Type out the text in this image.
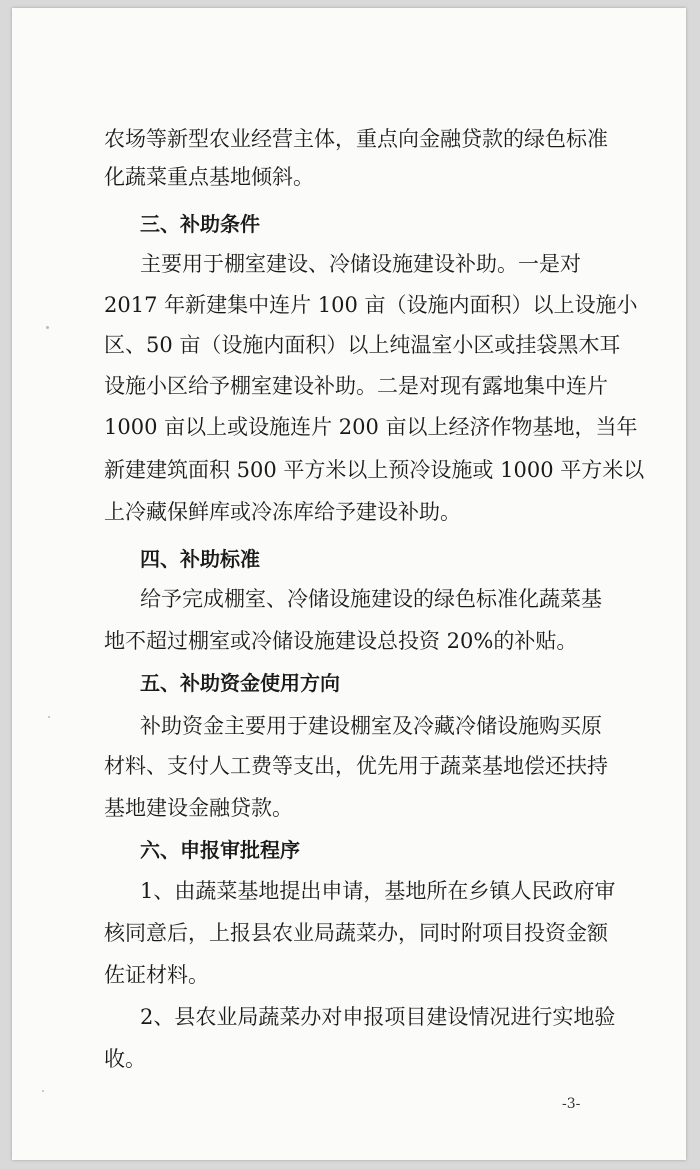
农场等新型农业经营主体，重点向金融贷款的绿色标准
化蔬菜重点基地倾斜。
三、补助条件
主要用于棚室建设、冷储设施建设补助。一是对
2017 年新建集中连片 100 亩（设施内面积）以上设施小
区、50 亩（设施内面积）以上纯温室小区或挂袋黑木耳
设施小区给予棚室建设补助。二是对现有露地集中连片
1000 亩以上或设施连片 200 亩以上经济作物基地，当年
新建建筑面积 500 平方米以上预冷设施或 1000 平方米以
上冷藏保鲜库或冷冻库给予建设补助。
四、补助标准
给予完成棚室、冷储设施建设的绿色标准化蔬菜基
地不超过棚室或冷储设施建设总投资 20%的补贴。
五、补助资金使用方向
补助资金主要用于建设棚室及冷藏冷储设施购买原
材料、支付人工费等支出，优先用于蔬菜基地偿还扶持
基地建设金融贷款。
六、申报审批程序
1、由蔬菜基地提出申请，基地所在乡镇人民政府审
核同意后，上报县农业局蔬菜办，同时附项目投资金额
佐证材料。
2、县农业局蔬菜办对申报项目建设情况进行实地验
收。
-3-
